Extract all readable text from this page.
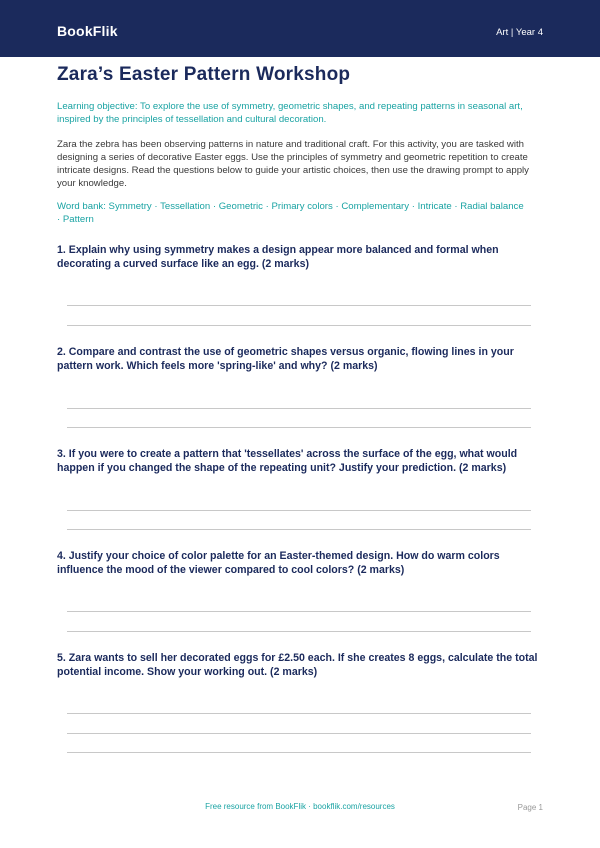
BookFlik	Art | Year 4
Zara’s Easter Pattern Workshop
Learning objective: To explore the use of symmetry, geometric shapes, and repeating patterns in seasonal art, inspired by the principles of tessellation and cultural decoration.
Zara the zebra has been observing patterns in nature and traditional craft. For this activity, you are tasked with designing a series of decorative Easter eggs. Use the principles of symmetry and geometric repetition to create intricate designs. Read the questions below to guide your artistic choices, then use the drawing prompt to apply your knowledge.
Word bank: Symmetry · Tessellation · Geometric · Primary colors · Complementary · Intricate · Radial balance · Pattern
1. Explain why using symmetry makes a design appear more balanced and formal when decorating a curved surface like an egg. (2 marks)
2. Compare and contrast the use of geometric shapes versus organic, flowing lines in your pattern work. Which feels more 'spring-like' and why? (2 marks)
3. If you were to create a pattern that 'tessellates' across the surface of the egg, what would happen if you changed the shape of the repeating unit? Justify your prediction. (2 marks)
4. Justify your choice of color palette for an Easter-themed design. How do warm colors influence the mood of the viewer compared to cool colors? (2 marks)
5. Zara wants to sell her decorated eggs for £2.50 each. If she creates 8 eggs, calculate the total potential income. Show your working out. (2 marks)
Free resource from BookFlik · bookflik.com/resources	Page 1
